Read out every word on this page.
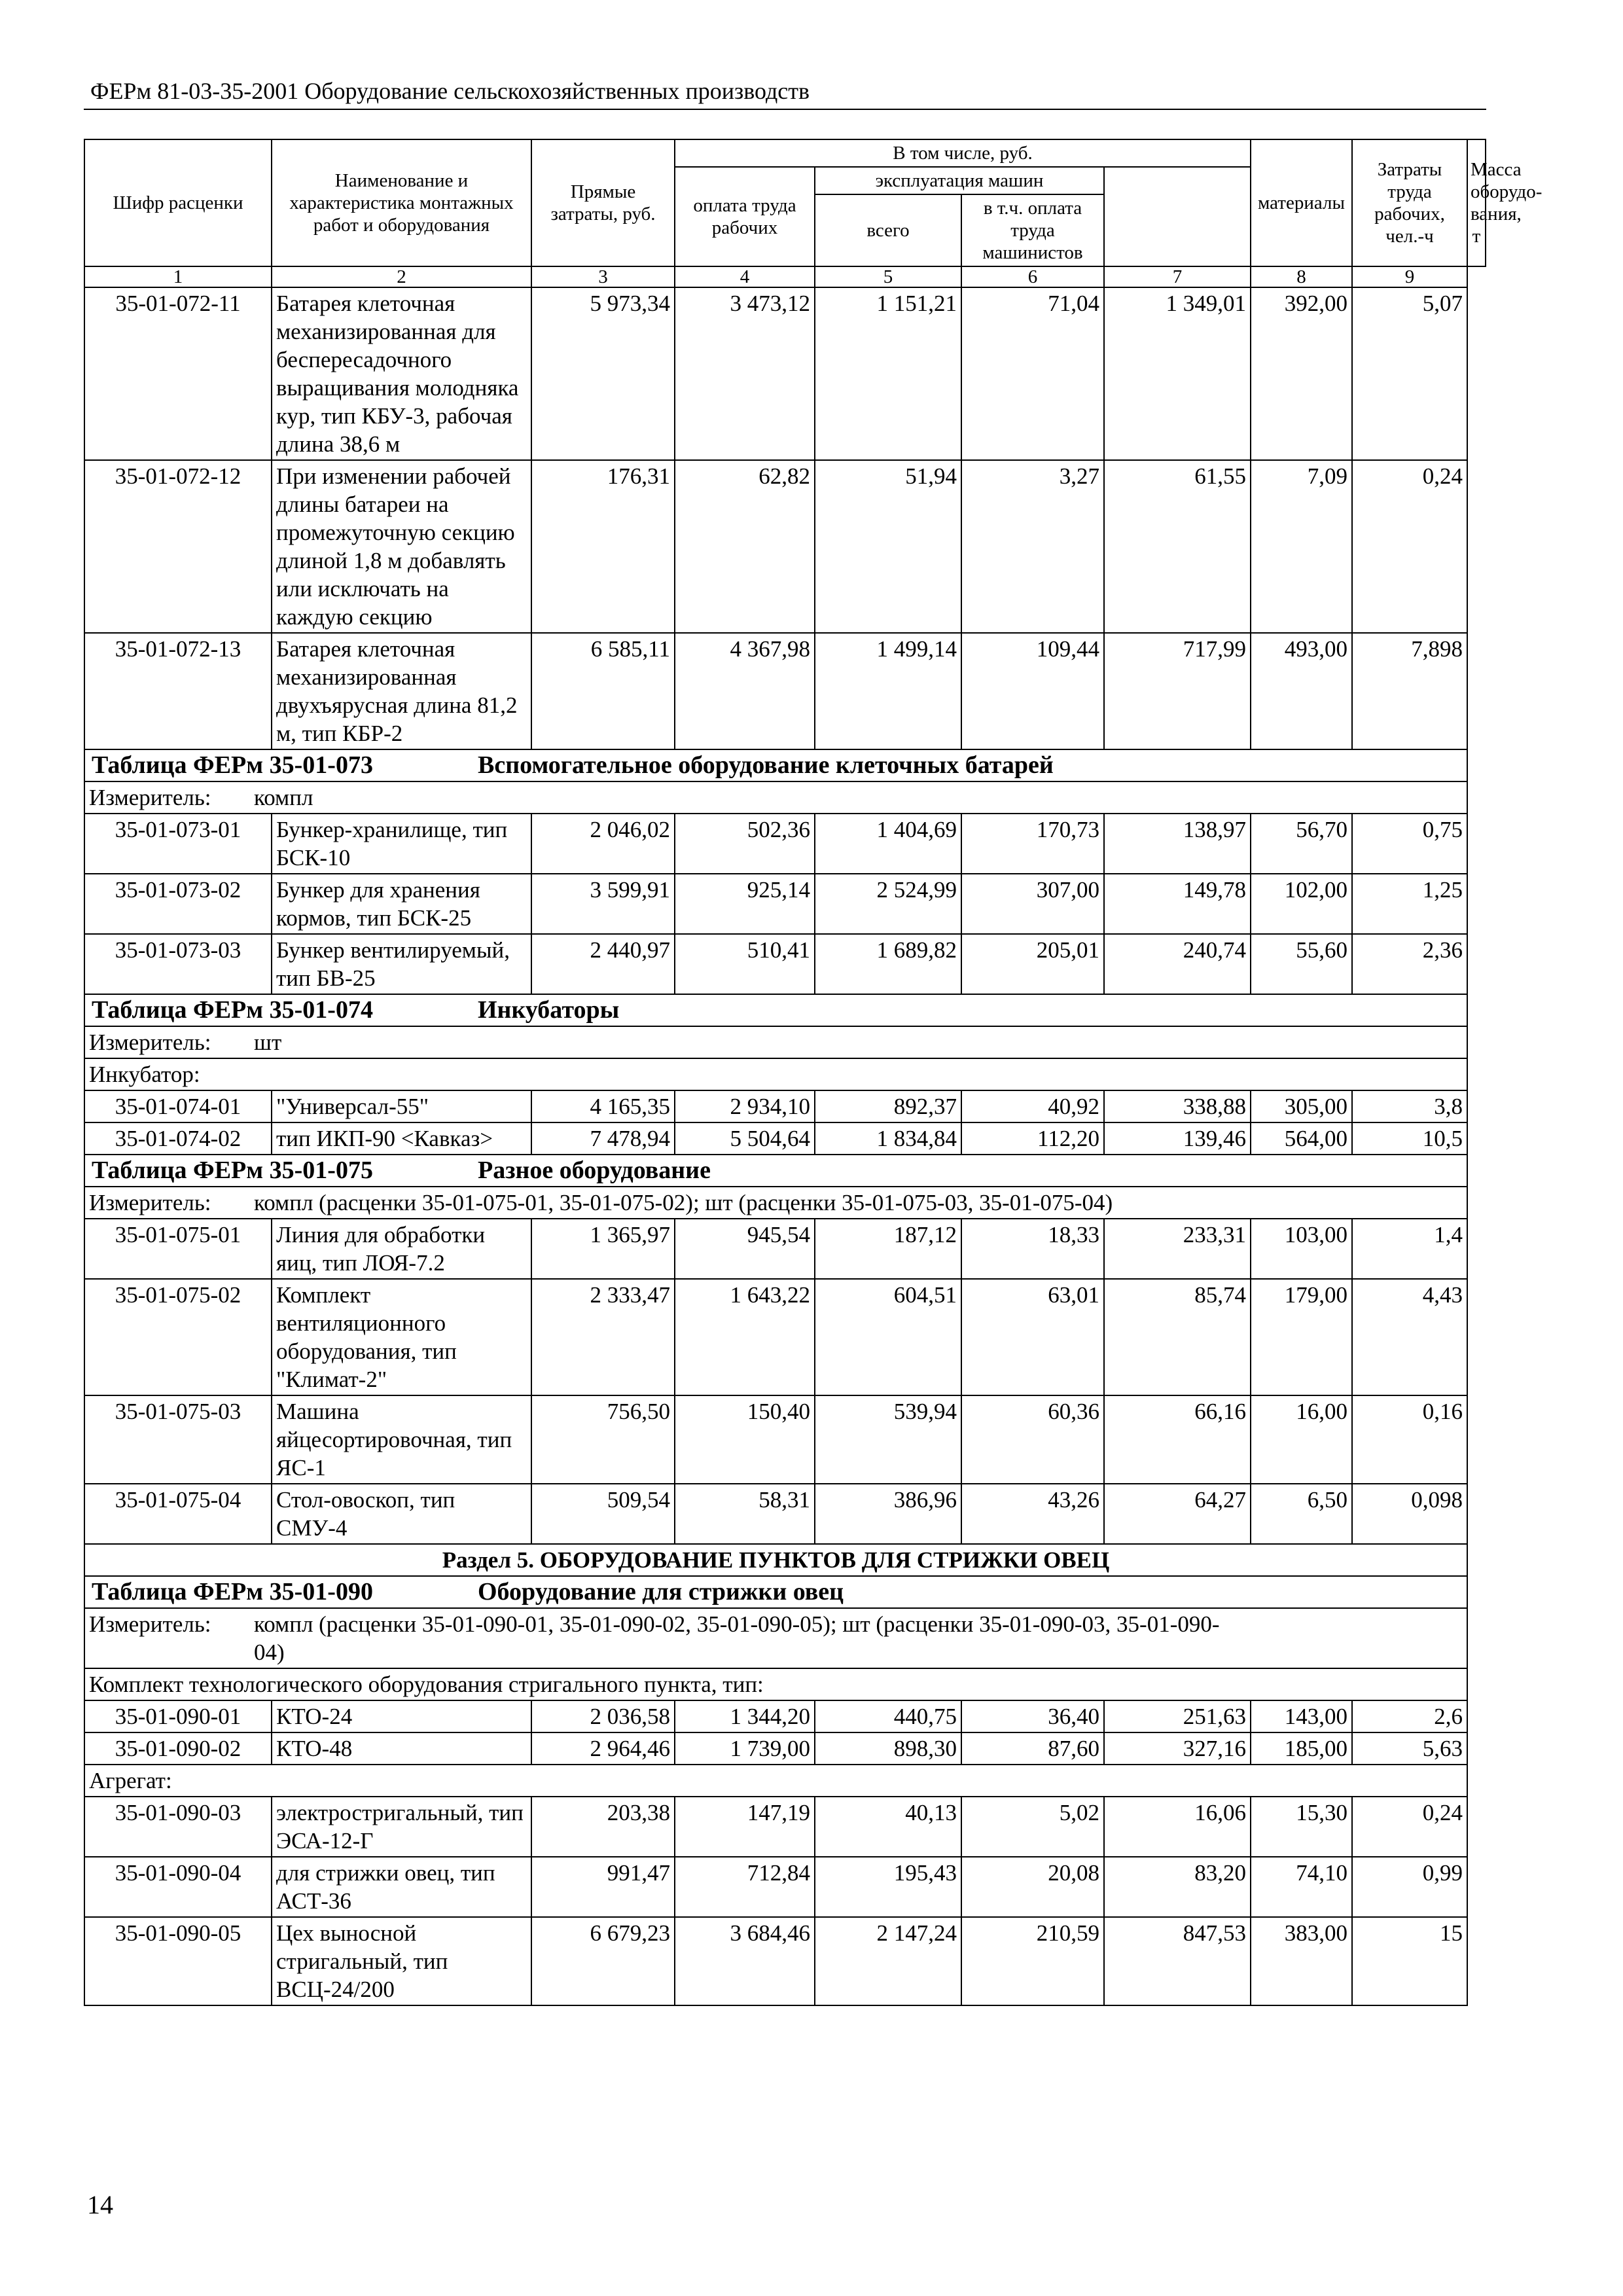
ФЕРм 81-03-35-2001 Оборудование сельскохозяйственных производств
Шифр расценки	Наименование и характеристика монтажных работ и оборудования	Прямые затраты, руб.	В том числе, руб.				материалы	Затраты труда рабочих, чел.-ч	Масса оборудо-вания, т
			оплата труда рабочих	эксплуатация машин					
				всего	в т.ч. оплата труда машинистов				
1	2	3	4	5	6	7	8	9	
35-01-072-11	Батарея клеточная механизированная для беспересадочного выращивания молодняка кур, тип КБУ-3, рабочая длина 38,6 м	5 973,34	3 473,12	1 151,21	71,04	1 349,01	392,00	5,07	
35-01-072-12	При изменении рабочей длины батареи на промежуточную секцию длиной 1,8 м добавлять или исключать на каждую секцию	176,31	62,82	51,94	3,27	61,55	7,09	0,24	
35-01-072-13	Батарея клеточная механизированная двухъярусная длина 81,2 м, тип КБР-2	6 585,11	4 367,98	1 499,14	109,44	717,99	493,00	7,898	
Таблица ФЕРм 35-01-073 Вспомогательное оборудование клеточных батарей									
Измеритель: компл									
35-01-073-01	Бункер-хранилище, тип БСК-10	2 046,02	502,36	1 404,69	170,73	138,97	56,70	0,75	
35-01-073-02	Бункер для хранения кормов, тип БСК-25	3 599,91	925,14	2 524,99	307,00	149,78	102,00	1,25	
35-01-073-03	Бункер вентилируемый, тип БВ-25	2 440,97	510,41	1 689,82	205,01	240,74	55,60	2,36	
Таблица ФЕРм 35-01-074 Инкубаторы									
Измеритель: шт									
Инкубатор:									
35-01-074-01	"Универсал-55"	4 165,35	2 934,10	892,37	40,92	338,88	305,00	3,8	
35-01-074-02	тип ИКП-90 <Кавказ>	7 478,94	5 504,64	1 834,84	112,20	139,46	564,00	10,5	
Таблица ФЕРм 35-01-075 Разное оборудование									
Измеритель: компл (расценки 35-01-075-01, 35-01-075-02); шт (расценки 35-01-075-03, 35-01-075-04)									
35-01-075-01	Линия для обработки яиц, тип ЛОЯ-7.2	1 365,97	945,54	187,12	18,33	233,31	103,00	1,4	
35-01-075-02	Комплект вентиляционного оборудования, тип "Климат-2"	2 333,47	1 643,22	604,51	63,01	85,74	179,00	4,43	
35-01-075-03	Машина яйцесортировочная, тип ЯС-1	756,50	150,40	539,94	60,36	66,16	16,00	0,16	
35-01-075-04	Стол-овоскоп, тип СМУ-4	509,54	58,31	386,96	43,26	64,27	6,50	0,098	
Раздел 5. ОБОРУДОВАНИЕ ПУНКТОВ ДЛЯ СТРИЖКИ ОВЕЦ									
Таблица ФЕРм 35-01-090 Оборудование для стрижки овец									
Измеритель: компл (расценки 35-01-090-01, 35-01-090-02, 35-01-090-05); шт (расценки 35-01-090-03, 35-01-090-04)									
Комплект технологического оборудования стригального пункта, тип:									
35-01-090-01	КТО-24	2 036,58	1 344,20	440,75	36,40	251,63	143,00	2,6	
35-01-090-02	КТО-48	2 964,46	1 739,00	898,30	87,60	327,16	185,00	5,63	
Агрегат:									
35-01-090-03	электростригальный, тип ЭСА-12-Г	203,38	147,19	40,13	5,02	16,06	15,30	0,24	
35-01-090-04	для стрижки овец, тип АСТ-36	991,47	712,84	195,43	20,08	83,20	74,10	0,99	
35-01-090-05	Цех выносной стригальный, тип ВСЦ-24/200	6 679,23	3 684,46	2 147,24	210,59	847,53	383,00	15	
14
